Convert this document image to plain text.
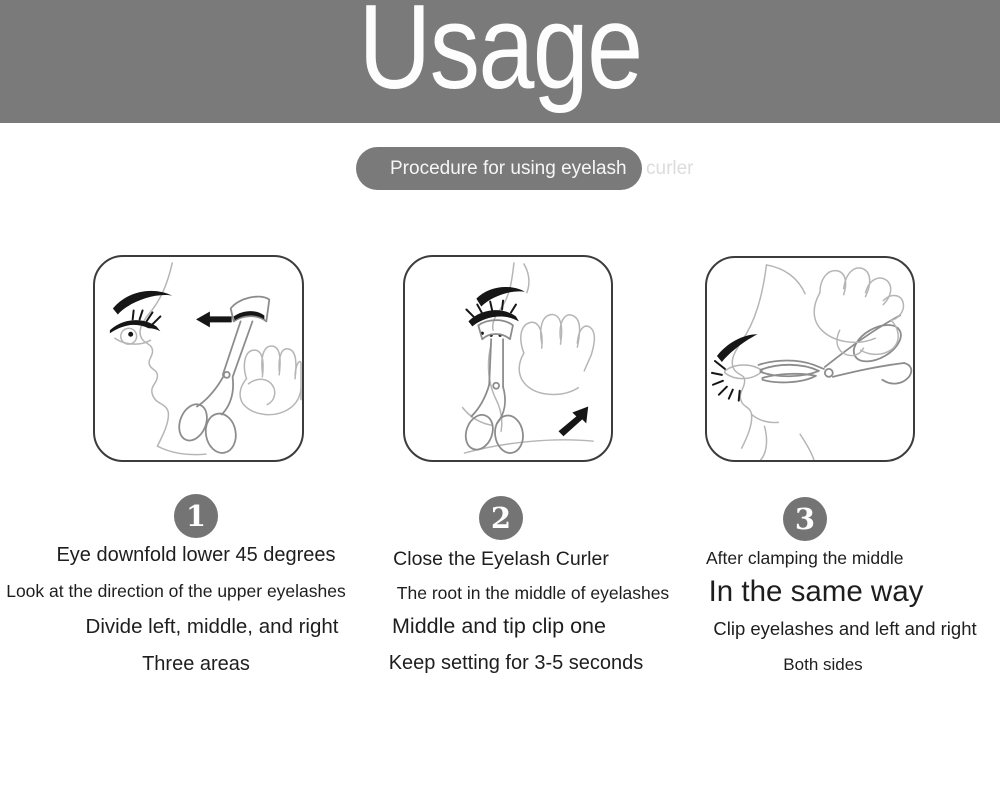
Usage
Procedure for using eyelash curler
1	2	3

Eye downfold lower 45 degrees

Look at the direction of the upper eyelashes

Divide left, middle, and right

Three areas

Close the Eyelash Curler

The root in the middle of eyelashes

Middle and tip clip one

Keep setting for 3-5 seconds

After clamping the middle

In the same way

Clip eyelashes and left and right

Both sides
